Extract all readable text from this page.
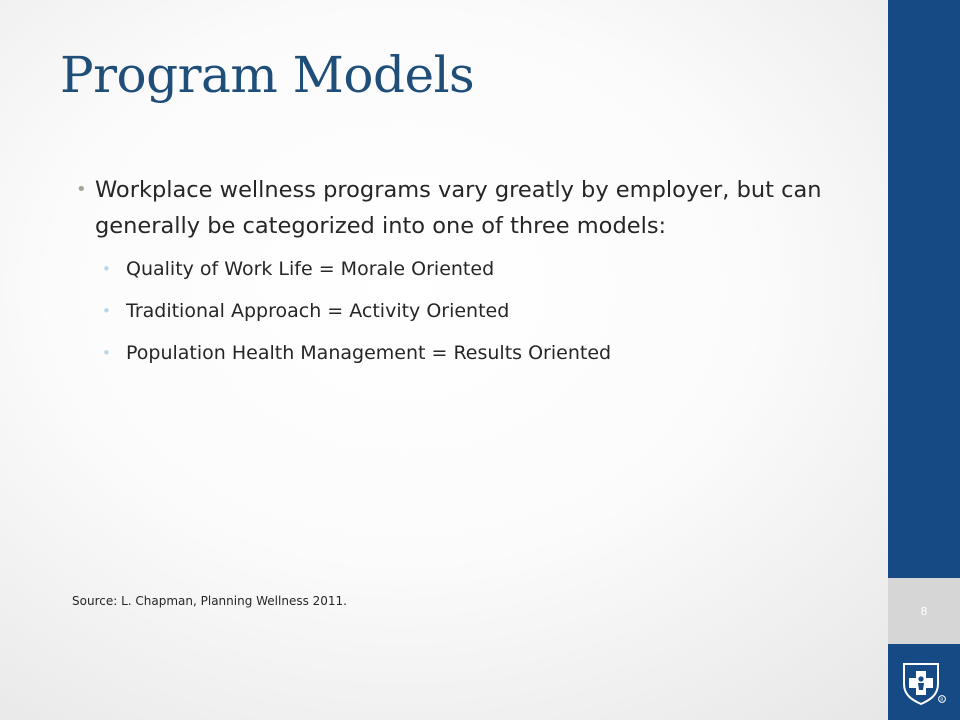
Program Models
• Workplace wellness programs vary greatly by employer, but can generally be categorized into one of three models:
• Quality of Work Life = Morale Oriented
• Traditional Approach = Activity Oriented
• Population Health Management = Results Oriented
Source: L. Chapman, Planning Wellness 2011.
8
R
